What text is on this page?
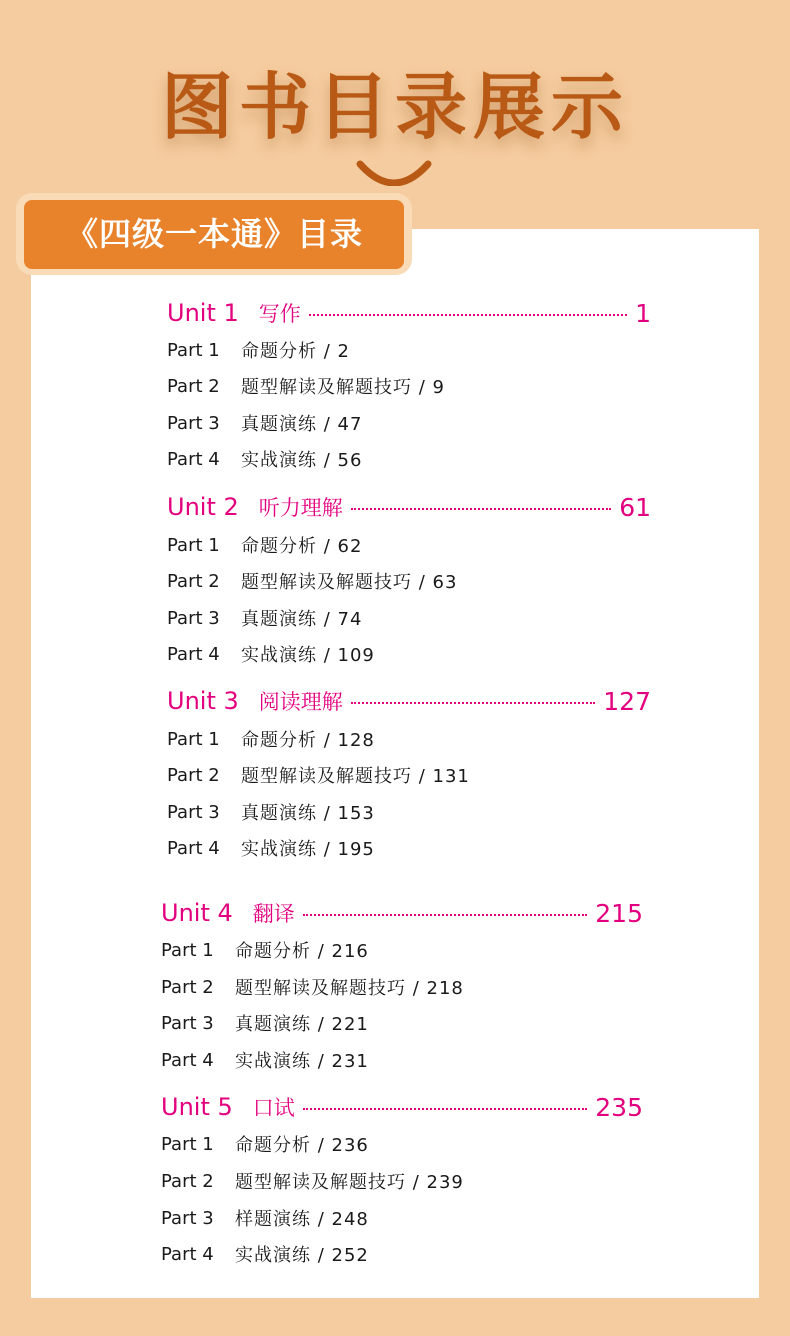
图书目录展示
《四级一本通》目录
Unit 1 写作	1
Part 1	命题分析 / 2
Part 2	题型解读及解题技巧 / 9
Part 3	真题演练 / 47
Part 4	实战演练 / 56
Unit 2 听力理解	61
Part 1	命题分析 / 62
Part 2	题型解读及解题技巧 / 63
Part 3	真题演练 / 74
Part 4	实战演练 / 109
Unit 3 阅读理解	127
Part 1	命题分析 / 128
Part 2	题型解读及解题技巧 / 131
Part 3	真题演练 / 153
Part 4	实战演练 / 195
Unit 4 翻译	215
Part 1	命题分析 / 216
Part 2	题型解读及解题技巧 / 218
Part 3	真题演练 / 221
Part 4	实战演练 / 231
Unit 5 口试	235
Part 1	命题分析 / 236
Part 2	题型解读及解题技巧 / 239
Part 3	样题演练 / 248
Part 4	实战演练 / 252
